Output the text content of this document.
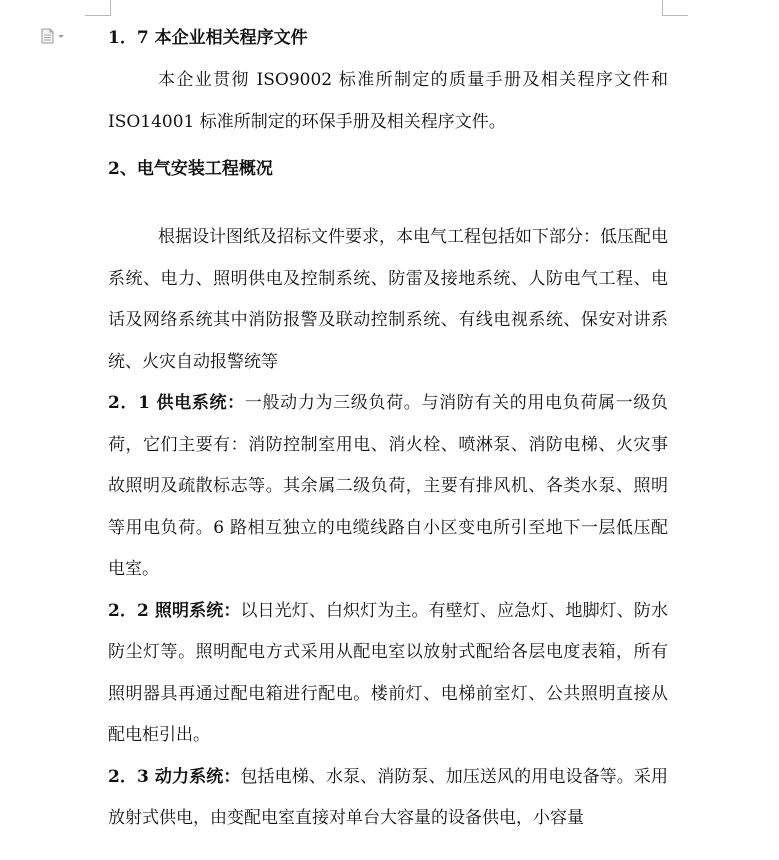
1．7 本企业相关程序文件

本企业贯彻 ISO9002 标准所制定的质量手册及相关程序文件和 ISO14001 标准所制定的环保手册及相关程序文件。

2、电气安装工程概况

根据设计图纸及招标文件要求，本电气工程包括如下部分：低压配电系统、电力、照明供电及控制系统、防雷及接地系统、人防电气工程、电话及网络系统其中消防报警及联动控制系统、有线电视系统、保安对讲系统、火灾自动报警统等

2．1 供电系统：一般动力为三级负荷。与消防有关的用电负荷属一级负荷，它们主要有：消防控制室用电、消火栓、喷淋泵、消防电梯、火灾事故照明及疏散标志等。其余属二级负荷，主要有排风机、各类水泵、照明等用电负荷。6 路相互独立的电缆线路自小区变电所引至地下一层低压配电室。

2．2 照明系统：以日光灯、白炽灯为主。有壁灯、应急灯、地脚灯、防水防尘灯等。照明配电方式采用从配电室以放射式配给各层电度表箱，所有照明器具再通过配电箱进行配电。楼前灯、电梯前室灯、公共照明直接从配电柜引出。

2．3 动力系统：包括电梯、水泵、消防泵、加压送风的用电设备等。采用放射式供电，由变配电室直接对单台大容量的设备供电，小容量
